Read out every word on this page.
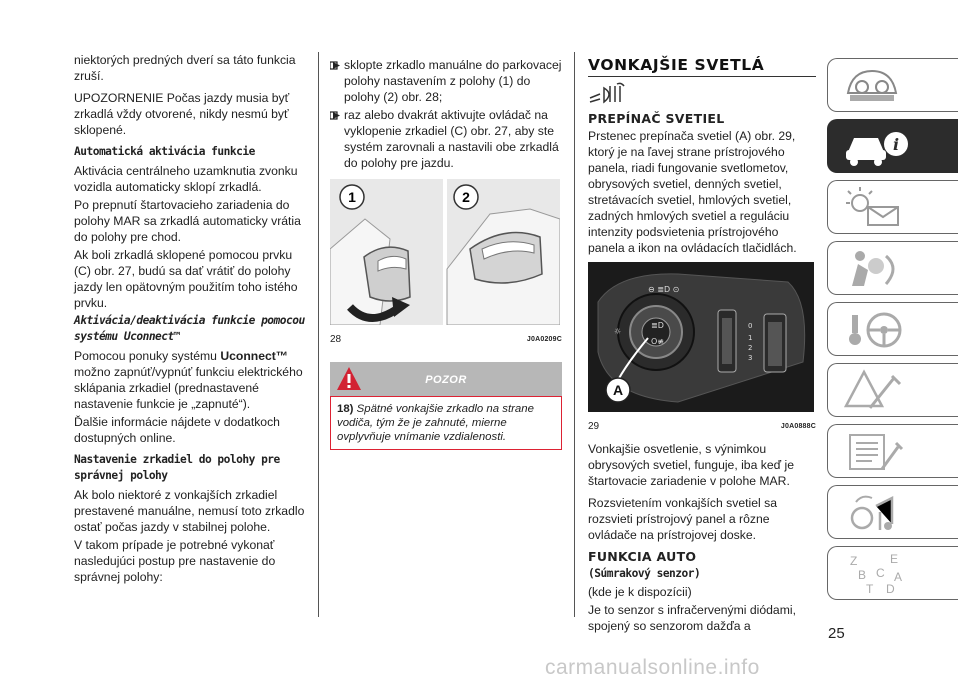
niektorých predných dverí sa táto funkcia zruší.

UPOZORNENIE Počas jazdy musia byť zrkadlá vždy otvorené, nikdy nesmú byť sklopené.

Automatická aktivácia funkcie

Aktivácia centrálneho uzamknutia zvonku vozidla automaticky sklopí zrkadlá.

Po prepnutí štartovacieho zariadenia do polohy MAR sa zrkadlá automaticky vrátia do polohy pre chod.

Ak boli zrkadlá sklopené pomocou prvku (C) obr. 27, budú sa dať vrátiť do polohy jazdy len opätovným použitím toho istého prvku.

Aktivácia/deaktivácia funkcie pomocou systému Uconnect™

Pomocou ponuky systému Uconnect™ možno zapnúť/vypnúť funkciu elektrického sklápania zrkadiel (prednastavené nastavenie funkcie je „zapnuté“).

Ďalšie informácie nájdete v dodatkoch dostupných online.

Nastavenie zrkadiel do polohy pre správnej polohy

Ak bolo niektoré z vonkajších zrkadiel prestavené manuálne, nemusí toto zrkadlo ostať počas jazdy v stabilnej polohe.

V takom prípade je potrebné vykonať nasledujúci postup pre nastavenie do správnej polohy:

sklopte zrkadlo manuálne do parkovacej polohy nastavením z polohy (1) do polohy (2) obr. 28;
raz alebo dvakrát aktivujte ovládač na vyklopenie zrkadiel (C) obr. 27, aby ste systém zarovnali a nastavili obe zrkadlá do polohy pre jazdu.
1	2
28	J0A0209C
POZOR
18) Spätné vonkajšie zrkadlo na strane vodiča, tým že je zahnuté, mierne ovplyvňuje vnímanie vzdialenosti.
VONKAJŠIE SVETLÁ
PREPÍNAČ SVETIEL

Prstenec prepínača svetiel (A) obr. 29, ktorý je na ľavej strane prístrojového panela, riadi fungovanie svetlometov, obrysových svetiel, denných svetiel, stretávacích svetiel, hmlových svetiel, zadných hmlových svetiel a reguláciu intenzity podsvietenia prístrojového panela a ikon na ovládacích tlačidlách.

≣D
O≢
☼
⊖ ≣D ⊙
0
1
2
3
A
29	J0A0888C

Vonkajšie osvetlenie, s výnimkou obrysových svetiel, funguje, iba keď je štartovacie zariadenie v polohe MAR.

Rozsvietením vonkajších svetiel sa rozsvieti prístrojový panel a rôzne ovládače na prístrojovej doske.

FUNKCIA AUTO
(Súmrakový senzor)

(kde je k dispozícii)

Je to senzor s infračervenými diódami, spojený so senzorom dažďa a

i
Z	E
B C A
T D
25
carmanualsonline.info
